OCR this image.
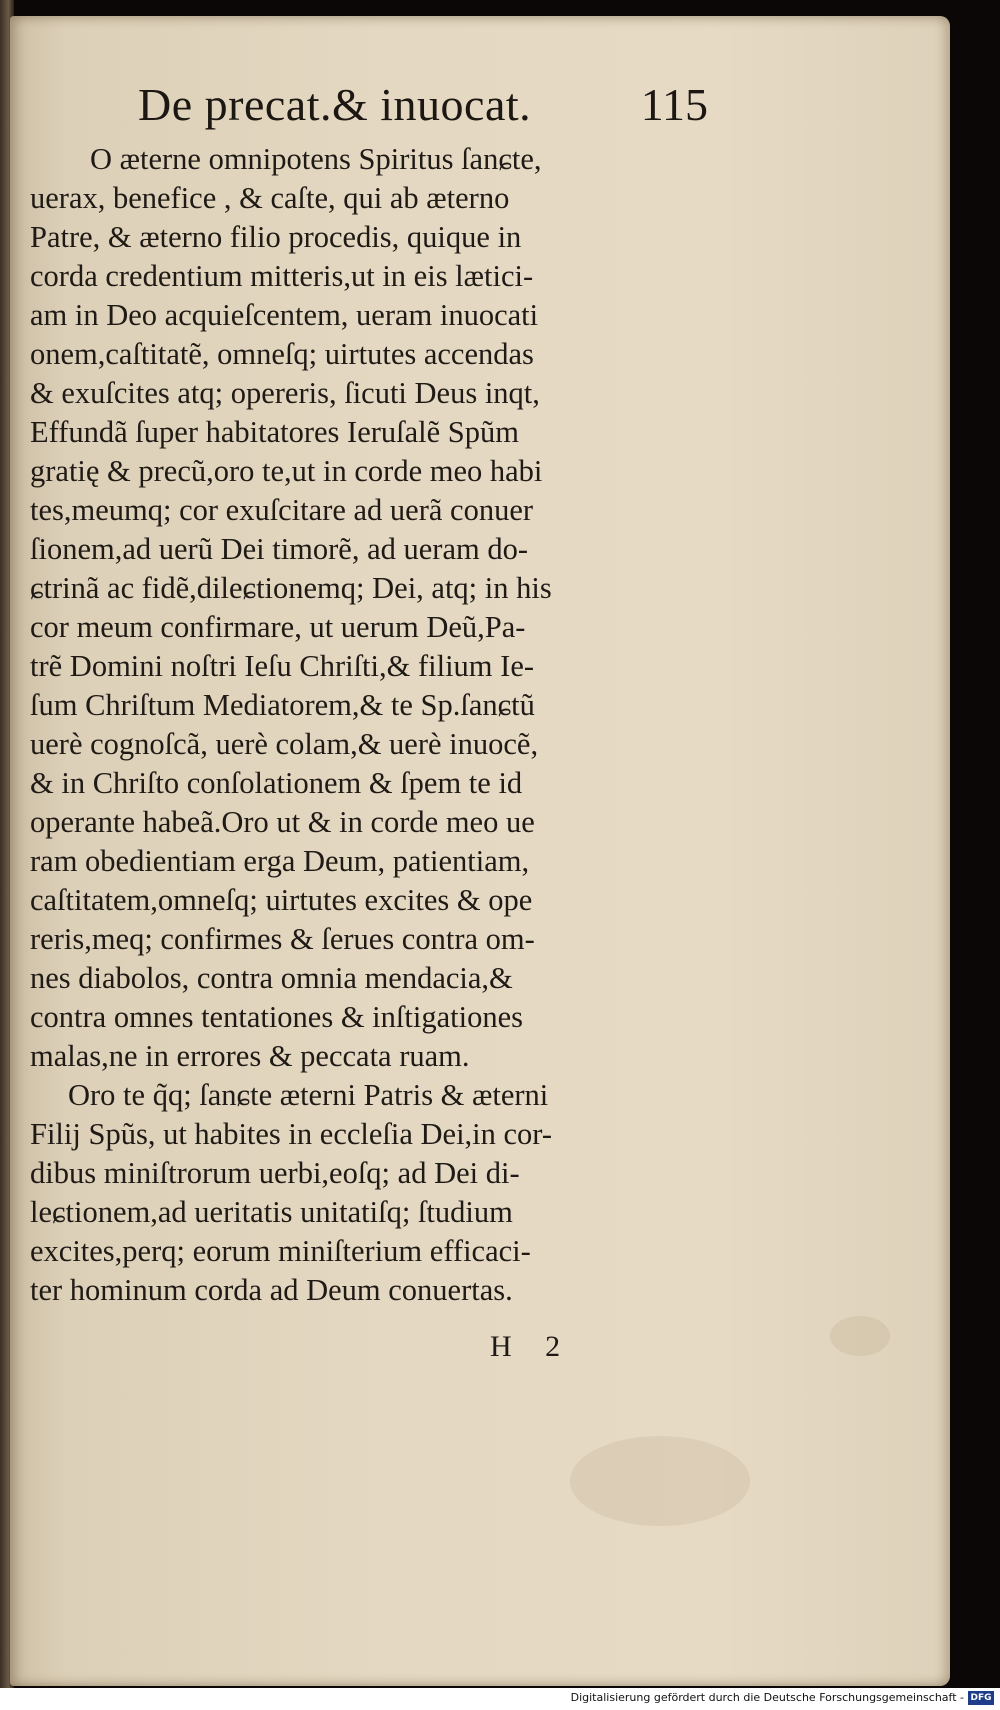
De precat.& inuocat. 115
O æterne omnipotens Spiritus ſanɕte,
uerax, benefice , & caſte, qui ab æterno
Patre, & æterno filio procedis, quique in
corda credentium mitteris,ut in eis lætici-
am in Deo acquieſcentem, ueram inuocati
onem,caſtitatẽ, omneſq; uirtutes accendas
& exuſcites atq; opereris, ſicuti Deus inqt,
Effundã ſuper habitatores Ieruſalẽ Spũm
gratię & precũ,oro te,ut in corde meo habi
tes,meumq; cor exuſcitare ad uerã conuer
ſionem,ad uerũ Dei timorẽ, ad ueram do-
ɕtrinã ac fidẽ,dileɕtionemq; Dei, atq; in his
cor meum confirmare, ut uerum Deũ,Pa-
trẽ Domini noſtri Ieſu Chriſti,& filium Ie-
ſum Chriſtum Mediatorem,& te Sp.ſanɕtũ
uerè cognoſcã, uerè colam,& uerè inuocẽ,
& in Chriſto conſolationem & ſpem te id
operante habeã.Oro ut & in corde meo ue
ram obedientiam erga Deum, patientiam,
caſtitatem,omneſq; uirtutes excites & ope
reris,meq; confirmes & ſerues contra om-
nes diabolos, contra omnia mendacia,&
contra omnes tentationes & inſtigationes
malas,ne in errores & peccata ruam.
Oro te q̃q; ſanɕte æterni Patris & æterni
Filij Spũs, ut habites in eccleſia Dei,in cor-
dibus miniſtrorum uerbi,eoſq; ad Dei di-
leɕtionem,ad ueritatis unitatiſq; ſtudium
excites,perq; eorum miniſterium efficaci-
ter hominum corda ad Deum conuertas.
H 2
Digitalisierung gefördert durch die Deutsche Forschungsgemeinschaft - DFG
